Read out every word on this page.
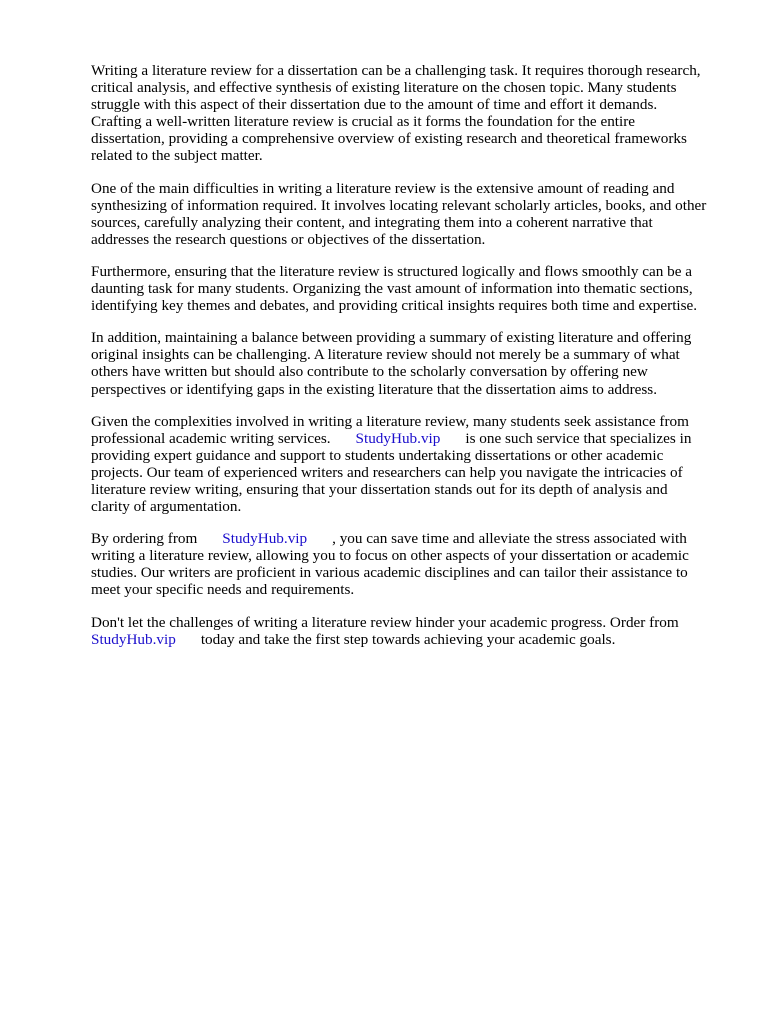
Writing a literature review for a dissertation can be a challenging task. It requires thorough research,
critical analysis, and effective synthesis of existing literature on the chosen topic. Many students
struggle with this aspect of their dissertation due to the amount of time and effort it demands.
Crafting a well-written literature review is crucial as it forms the foundation for the entire
dissertation, providing a comprehensive overview of existing research and theoretical frameworks
related to the subject matter.

One of the main difficulties in writing a literature review is the extensive amount of reading and
synthesizing of information required. It involves locating relevant scholarly articles, books, and other
sources, carefully analyzing their content, and integrating them into a coherent narrative that
addresses the research questions or objectives of the dissertation.

Furthermore, ensuring that the literature review is structured logically and flows smoothly can be a
daunting task for many students. Organizing the vast amount of information into thematic sections,
identifying key themes and debates, and providing critical insights requires both time and expertise.

In addition, maintaining a balance between providing a summary of existing literature and offering
original insights can be challenging. A literature review should not merely be a summary of what
others have written but should also contribute to the scholarly conversation by offering new
perspectives or identifying gaps in the existing literature that the dissertation aims to address.

Given the complexities involved in writing a literature review, many students seek assistance from
professional academic writing services. StudyHub.vip is one such service that specializes in
providing expert guidance and support to students undertaking dissertations or other academic
projects. Our team of experienced writers and researchers can help you navigate the intricacies of
literature review writing, ensuring that your dissertation stands out for its depth of analysis and
clarity of argumentation.

By ordering from StudyHub.vip , you can save time and alleviate the stress associated with
writing a literature review, allowing you to focus on other aspects of your dissertation or academic
studies. Our writers are proficient in various academic disciplines and can tailor their assistance to
meet your specific needs and requirements.

Don't let the challenges of writing a literature review hinder your academic progress. Order from
StudyHub.vip today and take the first step towards achieving your academic goals.
